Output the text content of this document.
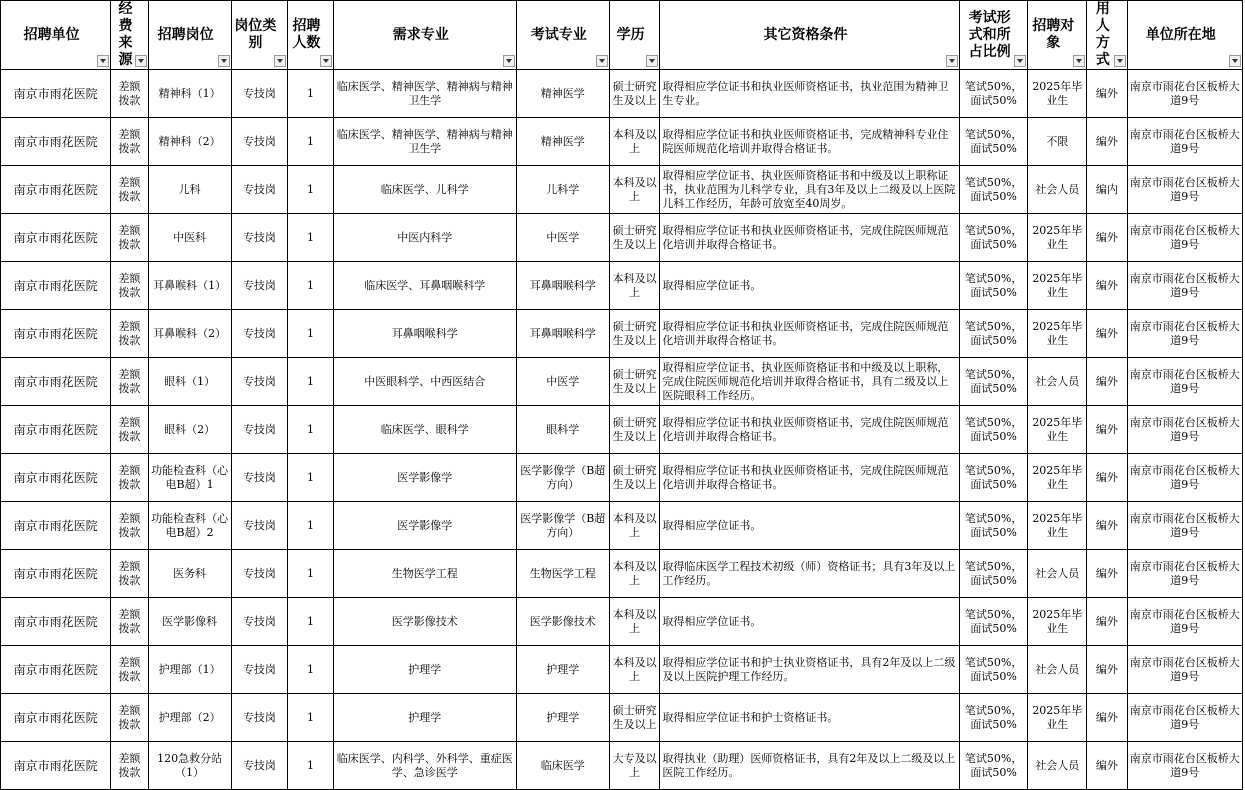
招聘单位	经费来源	招聘岗位	岗位类别	招聘人数	需求专业	考试专业	学历	其它资格条件	考试形式和所占比例	招聘对象	用人方式	单位所在地

南京市雨花医院	差额拨款	精神科（1）	专技岗	1	临床医学、精神医学、精神病与精神卫生学	精神医学	硕士研究生及以上	取得相应学位证书和执业医师资格证书，执业范围为精神卫生专业。	笔试50%，面试50%	2025年毕业生	编外	南京市雨花台区板桥大道9号
南京市雨花医院	差额拨款	精神科（2）	专技岗	1	临床医学、精神医学、精神病与精神卫生学	精神医学	本科及以上	取得相应学位证书和执业医师资格证书，完成精神科专业住院医师规范化培训并取得合格证书。	笔试50%，面试50%	不限	编外	南京市雨花台区板桥大道9号
南京市雨花医院	差额拨款	儿科	专技岗	1	临床医学、儿科学	儿科学	本科及以上	取得相应学位证书、执业医师资格证书和中级及以上职称证书，执业范围为儿科学专业，具有3年及以上二级及以上医院儿科工作经历，年龄可放宽至40周岁。	笔试50%，面试50%	社会人员	编内	南京市雨花台区板桥大道9号
南京市雨花医院	差额拨款	中医科	专技岗	1	中医内科学	中医学	硕士研究生及以上	取得相应学位证书和执业医师资格证书，完成住院医师规范化培训并取得合格证书。	笔试50%，面试50%	2025年毕业生	编外	南京市雨花台区板桥大道9号
南京市雨花医院	差额拨款	耳鼻喉科（1）	专技岗	1	临床医学、耳鼻咽喉科学	耳鼻咽喉科学	本科及以上	取得相应学位证书。	笔试50%，面试50%	2025年毕业生	编外	南京市雨花台区板桥大道9号
南京市雨花医院	差额拨款	耳鼻喉科（2）	专技岗	1	耳鼻咽喉科学	耳鼻咽喉科学	硕士研究生及以上	取得相应学位证书和执业医师资格证书，完成住院医师规范化培训并取得合格证书。	笔试50%，面试50%	2025年毕业生	编外	南京市雨花台区板桥大道9号
南京市雨花医院	差额拨款	眼科（1）	专技岗	1	中医眼科学、中西医结合	中医学	硕士研究生及以上	取得相应学位证书、执业医师资格证书和中级及以上职称，完成住院医师规范化培训并取得合格证书，具有二级及以上医院眼科工作经历。	笔试50%，面试50%	社会人员	编外	南京市雨花台区板桥大道9号
南京市雨花医院	差额拨款	眼科（2）	专技岗	1	临床医学、眼科学	眼科学	硕士研究生及以上	取得相应学位证书和执业医师资格证书，完成住院医师规范化培训并取得合格证书。	笔试50%，面试50%	2025年毕业生	编外	南京市雨花台区板桥大道9号
南京市雨花医院	差额拨款	功能检查科（心电B超）1	专技岗	1	医学影像学	医学影像学（B超方向）	硕士研究生及以上	取得相应学位证书和执业医师资格证书，完成住院医师规范化培训并取得合格证书。	笔试50%，面试50%	2025年毕业生	编外	南京市雨花台区板桥大道9号
南京市雨花医院	差额拨款	功能检查科（心电B超）2	专技岗	1	医学影像学	医学影像学（B超方向）	本科及以上	取得相应学位证书。	笔试50%，面试50%	2025年毕业生	编外	南京市雨花台区板桥大道9号
南京市雨花医院	差额拨款	医务科	专技岗	1	生物医学工程	生物医学工程	本科及以上	取得临床医学工程技术初级（师）资格证书；具有3年及以上工作经历。	笔试50%，面试50%	社会人员	编外	南京市雨花台区板桥大道9号
南京市雨花医院	差额拨款	医学影像科	专技岗	1	医学影像技术	医学影像技术	本科及以上	取得相应学位证书。	笔试50%，面试50%	2025年毕业生	编外	南京市雨花台区板桥大道9号
南京市雨花医院	差额拨款	护理部（1）	专技岗	1	护理学	护理学	本科及以上	取得相应学位证书和护士执业资格证书，具有2年及以上二级及以上医院护理工作经历。	笔试50%，面试50%	社会人员	编外	南京市雨花台区板桥大道9号
南京市雨花医院	差额拨款	护理部（2）	专技岗	1	护理学	护理学	硕士研究生及以上	取得相应学位证书和护士资格证书。	笔试50%，面试50%	2025年毕业生	编外	南京市雨花台区板桥大道9号
南京市雨花医院	差额拨款	120急救分站（1）	专技岗	1	临床医学、内科学、外科学、重症医学、急诊医学	临床医学	大专及以上	取得执业（助理）医师资格证书，具有2年及以上二级及以上医院工作经历。	笔试50%，面试50%	社会人员	编外	南京市雨花台区板桥大道9号
